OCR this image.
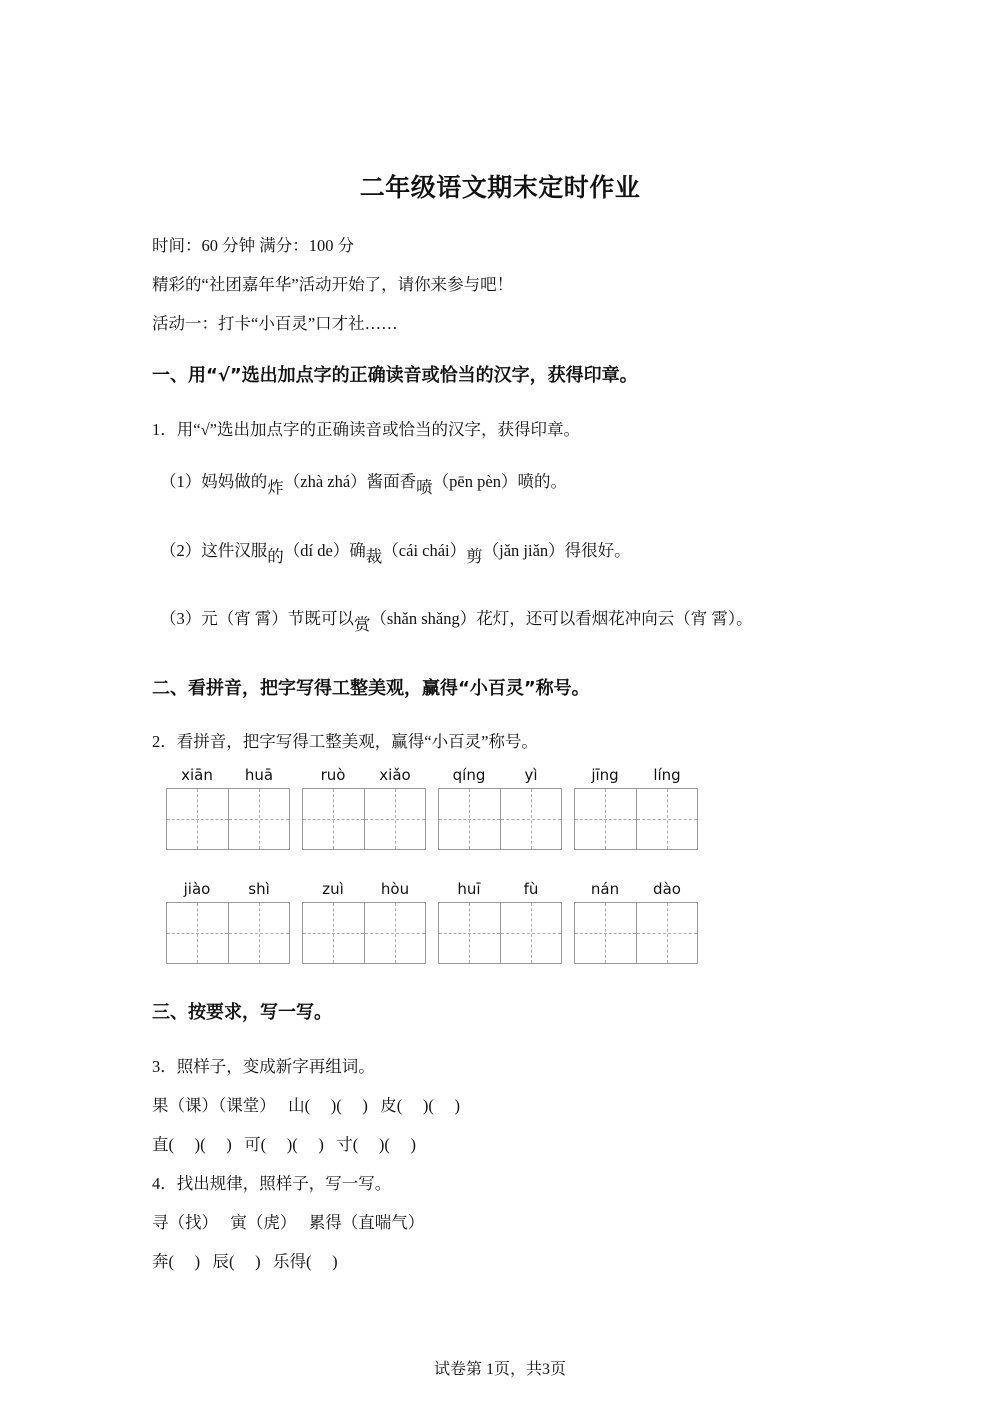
二年级语文期末定时作业
时间：60 分钟 满分：100 分
精彩的“社团嘉年华”活动开始了，请你来参与吧！
活动一：打卡“小百灵”口才社……
一、用“√”选出加点字的正确读音或恰当的汉字，获得印章。
1．用“√”选出加点字的正确读音或恰当的汉字，获得印章。
（1）妈妈做的炸（zhà zhá）酱面香喷（pēn pèn）喷的。
（2）这件汉服的（dí de）确裁（cái chái）剪（jǎn jiǎn）得很好。
（3）元（宵 霄）节既可以赏（shǎn shǎng）花灯，还可以看烟花冲向云（宵 霄）。
二、看拼音，把字写得工整美观，赢得“小百灵”称号。
2．看拼音，把字写得工整美观，赢得“小百灵”称号。
xiān	huā	ruò	xiǎo	qíng	yì	jīng	líng
jiào	shì	zuì	hòu	huī	fù	nán	dào
三、按要求，写一写。
3．照样子，变成新字再组词。
果（课）（课堂）   山(     )(     )   皮(     )(     )
直(     )(     )   可(     )(     )   寸(     )(     )
4．找出规律，照样子，写一写。
寻（找）   寅（虎）   累得（直喘气）
奔(     )   辰(     )   乐得(     )
试卷第 1页，共3页
